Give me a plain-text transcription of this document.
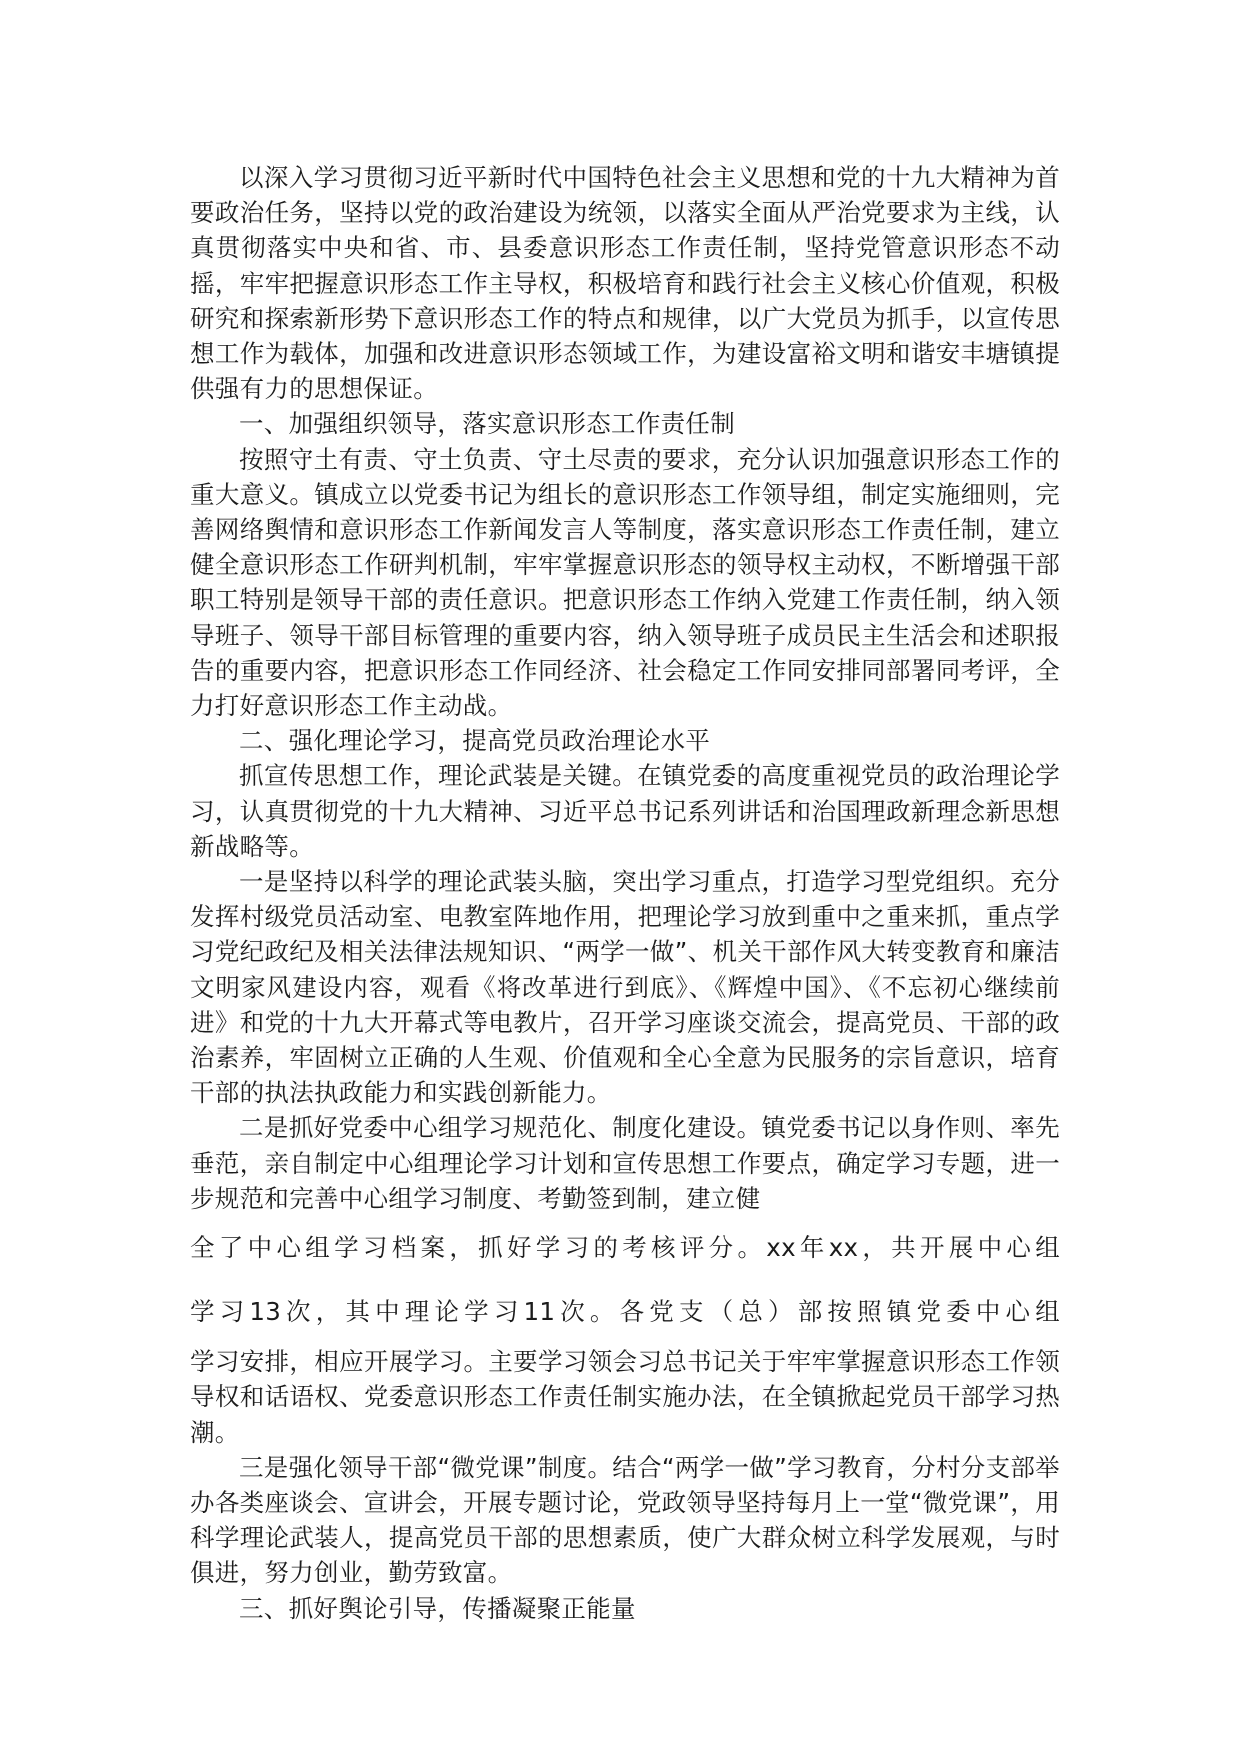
以深入学习贯彻习近平新时代中国特色社会主义思想和党的十九大精神为首要政治任务，坚持以党的政治建设为统领，以落实全面从严治党要求为主线，认真贯彻落实中央和省、市、县委意识形态工作责任制，坚持党管意识形态不动摇，牢牢把握意识形态工作主导权，积极培育和践行社会主义核心价值观，积极研究和探索新形势下意识形态工作的特点和规律，以广大党员为抓手，以宣传思想工作为载体，加强和改进意识形态领域工作，为建设富裕文明和谐安丰塘镇提供强有力的思想保证。

一、加强组织领导，落实意识形态工作责任制

按照守土有责、守土负责、守土尽责的要求，充分认识加强意识形态工作的重大意义。镇成立以党委书记为组长的意识形态工作领导组，制定实施细则，完善网络舆情和意识形态工作新闻发言人等制度，落实意识形态工作责任制，建立健全意识形态工作研判机制，牢牢掌握意识形态的领导权主动权，不断增强干部职工特别是领导干部的责任意识。把意识形态工作纳入党建工作责任制，纳入领导班子、领导干部目标管理的重要内容，纳入领导班子成员民主生活会和述职报告的重要内容，把意识形态工作同经济、社会稳定工作同安排同部署同考评，全力打好意识形态工作主动战。

二、强化理论学习，提高党员政治理论水平

抓宣传思想工作，理论武装是关键。在镇党委的高度重视党员的政治理论学习，认真贯彻党的十九大精神、习近平总书记系列讲话和治国理政新理念新思想新战略等。

一是坚持以科学的理论武装头脑，突出学习重点，打造学习型党组织。充分发挥村级党员活动室、电教室阵地作用，把理论学习放到重中之重来抓，重点学习党纪政纪及相关法律法规知识、“两学一做”、机关干部作风大转变教育和廉洁文明家风建设内容，观看《将改革进行到底》、《辉煌中国》、《不忘初心继续前进》和党的十九大开幕式等电教片，召开学习座谈交流会，提高党员、干部的政治素养，牢固树立正确的人生观、价值观和全心全意为民服务的宗旨意识，培育干部的执法执政能力和实践创新能力。

二是抓好党委中心组学习规范化、制度化建设。镇党委书记以身作则、率先垂范，亲自制定中心组理论学习计划和宣传思想工作要点，确定学习专题，进一步规范和完善中心组学习制度、考勤签到制，建立健

全了中心组学习档案，抓好学习的考核评分。xx年xx，共开展中心组

学习13次，其中理论学习11次。各党支（总）部按照镇党委中心组

学习安排，相应开展学习。主要学习领会习总书记关于牢牢掌握意识形态工作领导权和话语权、党委意识形态工作责任制实施办法，在全镇掀起党员干部学习热潮。

三是强化领导干部“微党课”制度。结合“两学一做”学习教育，分村分支部举办各类座谈会、宣讲会，开展专题讨论，党政领导坚持每月上一堂“微党课”，用科学理论武装人，提高党员干部的思想素质，使广大群众树立科学发展观，与时俱进，努力创业，勤劳致富。

三、抓好舆论引导，传播凝聚正能量
